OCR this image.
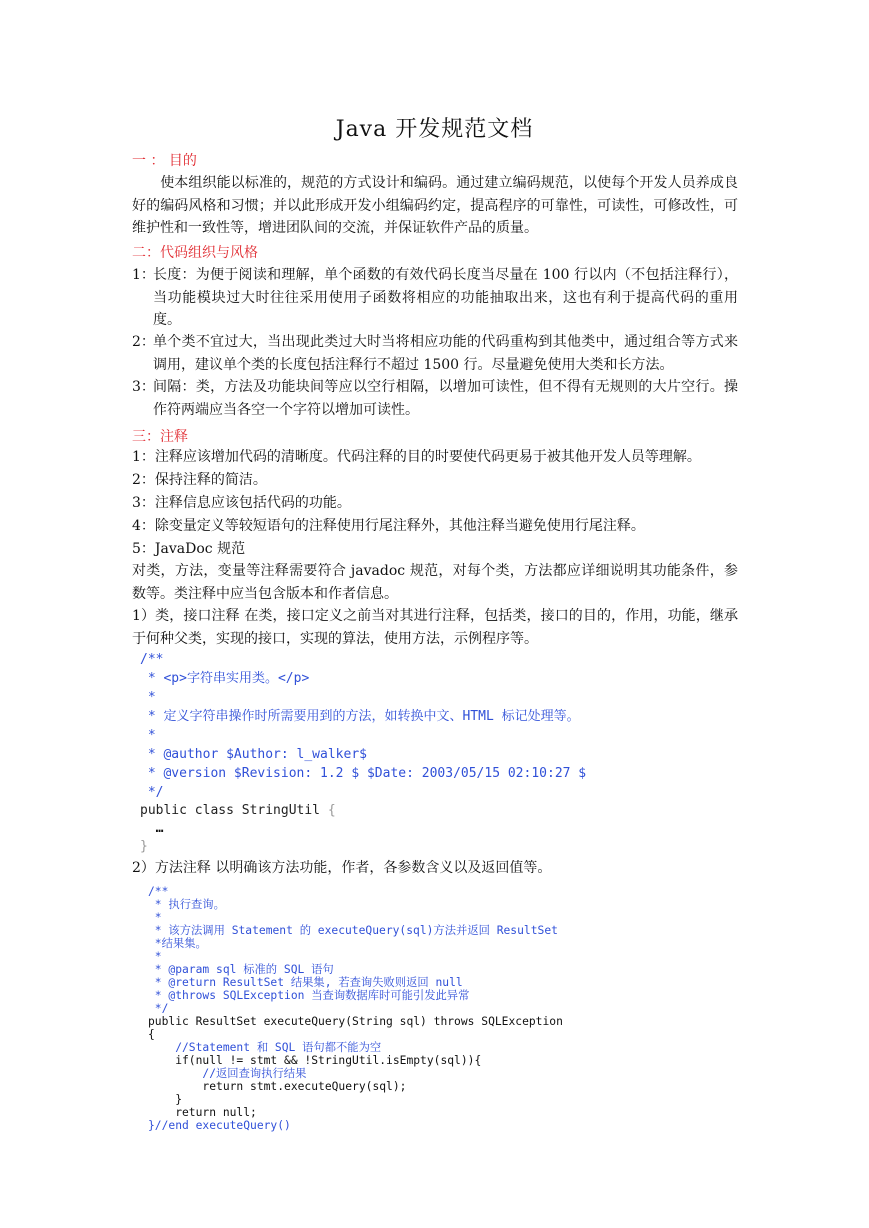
Java 开发规范文档
一 ： 目的
　　使本组织能以标准的，规范的方式设计和编码。通过建立编码规范，以使每个开发人员养成良好的编码风格和习惯；并以此形成开发小组编码约定，提高程序的可靠性，可读性，可修改性，可维护性和一致性等，增进团队间的交流，并保证软件产品的质量。
二：代码组织与风格
1：
长度：为便于阅读和理解，单个函数的有效代码长度当尽量在 100 行以内（不包括注释行），当功能模块过大时往往采用使用子函数将相应的功能抽取出来，这也有利于提高代码的重用度。
2：
单个类不宜过大，当出现此类过大时当将相应功能的代码重构到其他类中，通过组合等方式来调用，建议单个类的长度包括注释行不超过 1500 行。尽量避免使用大类和长方法。
3：
间隔：类，方法及功能块间等应以空行相隔，以增加可读性，但不得有无规则的大片空行。操作符两端应当各空一个字符以增加可读性。
三：注释
1：注释应该增加代码的清晰度。代码注释的目的时要使代码更易于被其他开发人员等理解。
2：保持注释的简洁。
3：注释信息应该包括代码的功能。
4：除变量定义等较短语句的注释使用行尾注释外，其他注释当避免使用行尾注释。
5：JavaDoc 规范
对类，方法，变量等注释需要符合 javadoc 规范，对每个类，方法都应详细说明其功能条件，参数等。类注释中应当包含版本和作者信息。
1）类，接口注释 在类，接口定义之前当对其进行注释，包括类，接口的目的，作用，功能，继承于何种父类，实现的接口，实现的算法，使用方法，示例程序等。
/**
* <p>字符串实用类。</p>
*
* 定义字符串操作时所需要用到的方法，如转换中文、HTML 标记处理等。
*
* @author $Author: l_walker$
* @version $Revision: 1.2 $ $Date: 2003/05/15 02:10:27 $
*/
public class StringUtil {
…
}
2）方法注释 以明确该方法功能，作者，各参数含义以及返回值等。
/**
* 执行查询。
*
* 该方法调用 Statement 的 executeQuery(sql)方法并返回 ResultSet
*结果集。
*
* @param sql 标准的 SQL 语句
* @return ResultSet 结果集, 若查询失败则返回 null
* @throws SQLException 当查询数据库时可能引发此异常
*/
public ResultSet executeQuery(String sql) throws SQLException
{
//Statement 和 SQL 语句都不能为空
if(null != stmt && !StringUtil.isEmpty(sql)){
//返回查询执行结果
return stmt.executeQuery(sql);
}
return null;
}//end executeQuery()
